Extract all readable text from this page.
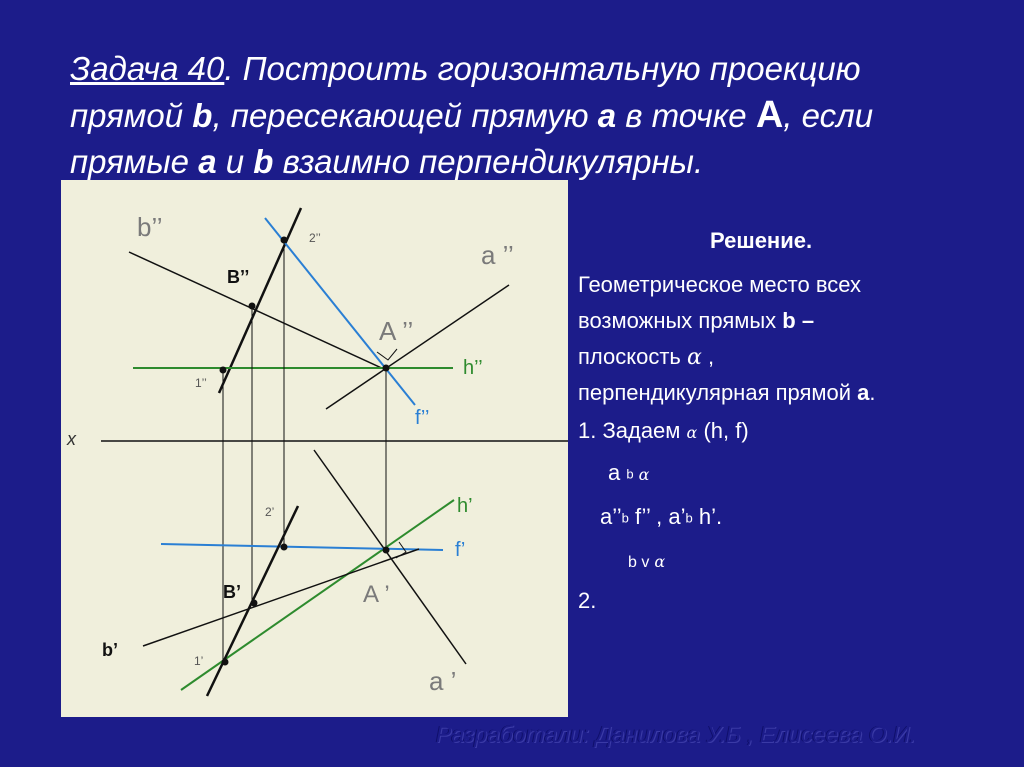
Задача 40. Построить горизонтальную проекцию
прямой b, пересекающей прямую a в точке A, если
прямые a и b взаимно перпендикулярны.
b’’
a ’’
B’’
A ’’
2’’
h’’
f’’
1’’
x
2’	h’
f’
B’	A ’
1’
a ’
b’
Решение.
Геометрическое место всех
возможных прямых b –
плоскость α ,
перпендикулярная прямой a.
1. Задаем α (h, f)
a b α
a’’b f’’ , a’b h’.
b v α
2.
Разработали: Данилова У.Б , Елисеева О.И.
